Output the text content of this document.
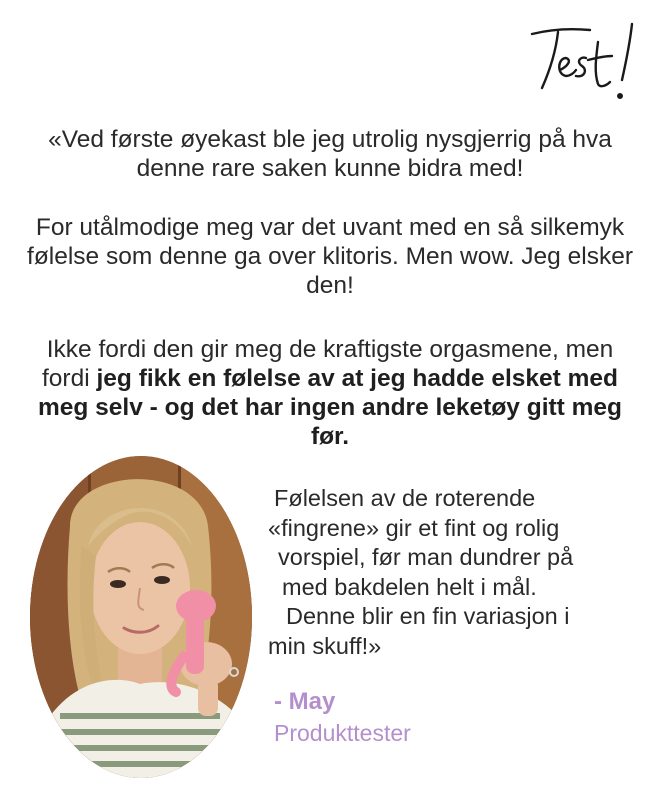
«Ved første øyekast ble jeg utrolig nysgjerrig på hva denne rare saken kunne bidra med!

For utålmodige meg var det uvant med en så silkemyk følelse som denne ga over klitoris. Men wow. Jeg elsker den!

Ikke fordi den gir meg de kraftigste orgasmene, men fordi jeg fikk en følelse av at jeg hadde elsket med meg selv - og det har ingen andre leketøy gitt meg før.

Følelsen av de roterende
«fingrene» gir et fint og rolig
vorspiel, før man dundrer på
med bakdelen helt i mål.
Denne blir en fin variasjon i
min skuff!»

- May

Produkttester
